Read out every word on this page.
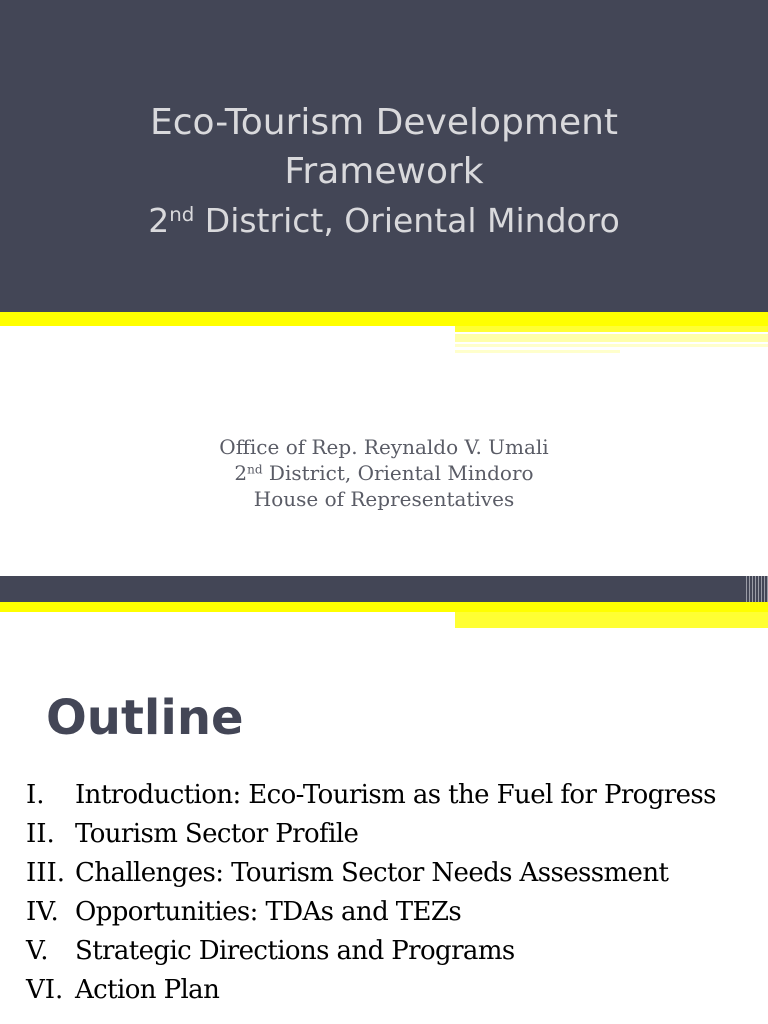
Eco-Tourism Development
Framework
2nd District, Oriental Mindoro
Office of Rep. Reynaldo V. Umali
2nd District, Oriental Mindoro
House of Representatives
Outline
I.	Introduction: Eco-Tourism as the Fuel for Progress
II. Tourism Sector Profile
III. Challenges: Tourism Sector Needs Assessment
IV. Opportunities: TDAs and TEZs
V.	Strategic Directions and Programs
VI. Action Plan
